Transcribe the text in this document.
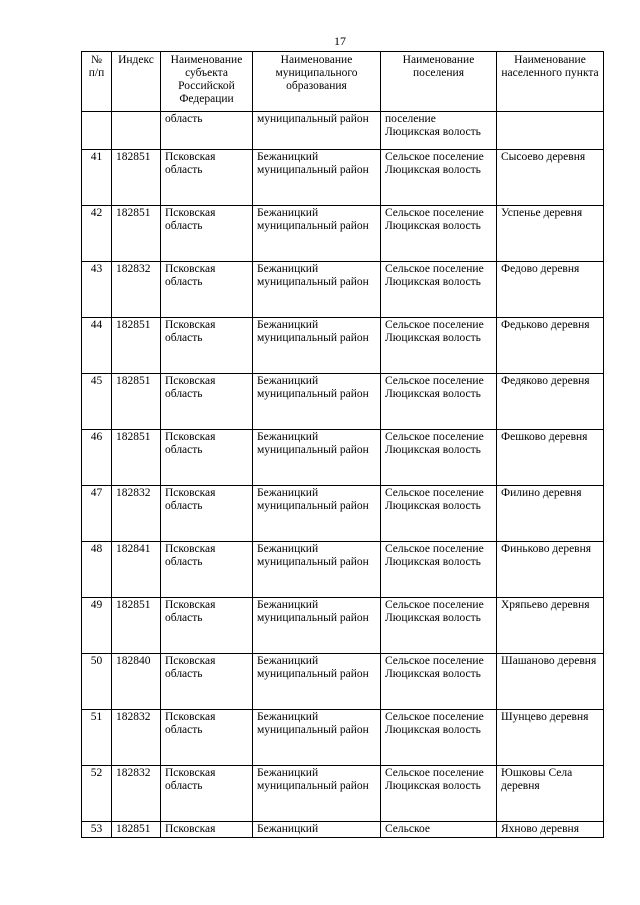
17
№ п/п	Индекс	Наименование субъекта Российской Федерации	Наименование муниципального образования	Наименование поселения	Наименование населенного пункта
		область	муниципальный район	поселение Люцикская волость	
41	182851	Псковская область	Бежаницкий муниципальный район	Сельское поселение Люцикская волость	Сысоево деревня
42	182851	Псковская область	Бежаницкий муниципальный район	Сельское поселение Люцикская волость	Успенье деревня
43	182832	Псковская область	Бежаницкий муниципальный район	Сельское поселение Люцикская волость	Федово деревня
44	182851	Псковская область	Бежаницкий муниципальный район	Сельское поселение Люцикская волость	Федьково деревня
45	182851	Псковская область	Бежаницкий муниципальный район	Сельское поселение Люцикская волость	Федяково деревня
46	182851	Псковская область	Бежаницкий муниципальный район	Сельское поселение Люцикская волость	Фешково деревня
47	182832	Псковская область	Бежаницкий муниципальный район	Сельское поселение Люцикская волость	Филино деревня
48	182841	Псковская область	Бежаницкий муниципальный район	Сельское поселение Люцикская волость	Финьково деревня
49	182851	Псковская область	Бежаницкий муниципальный район	Сельское поселение Люцикская волость	Хряпьево деревня
50	182840	Псковская область	Бежаницкий муниципальный район	Сельское поселение Люцикская волость	Шашаново деревня
51	182832	Псковская область	Бежаницкий муниципальный район	Сельское поселение Люцикская волость	Шунцево деревня
52	182832	Псковская область	Бежаницкий муниципальный район	Сельское поселение Люцикская волость	Юшковы Села деревня
53	182851	Псковская	Бежаницкий	Сельское	Яхново деревня
